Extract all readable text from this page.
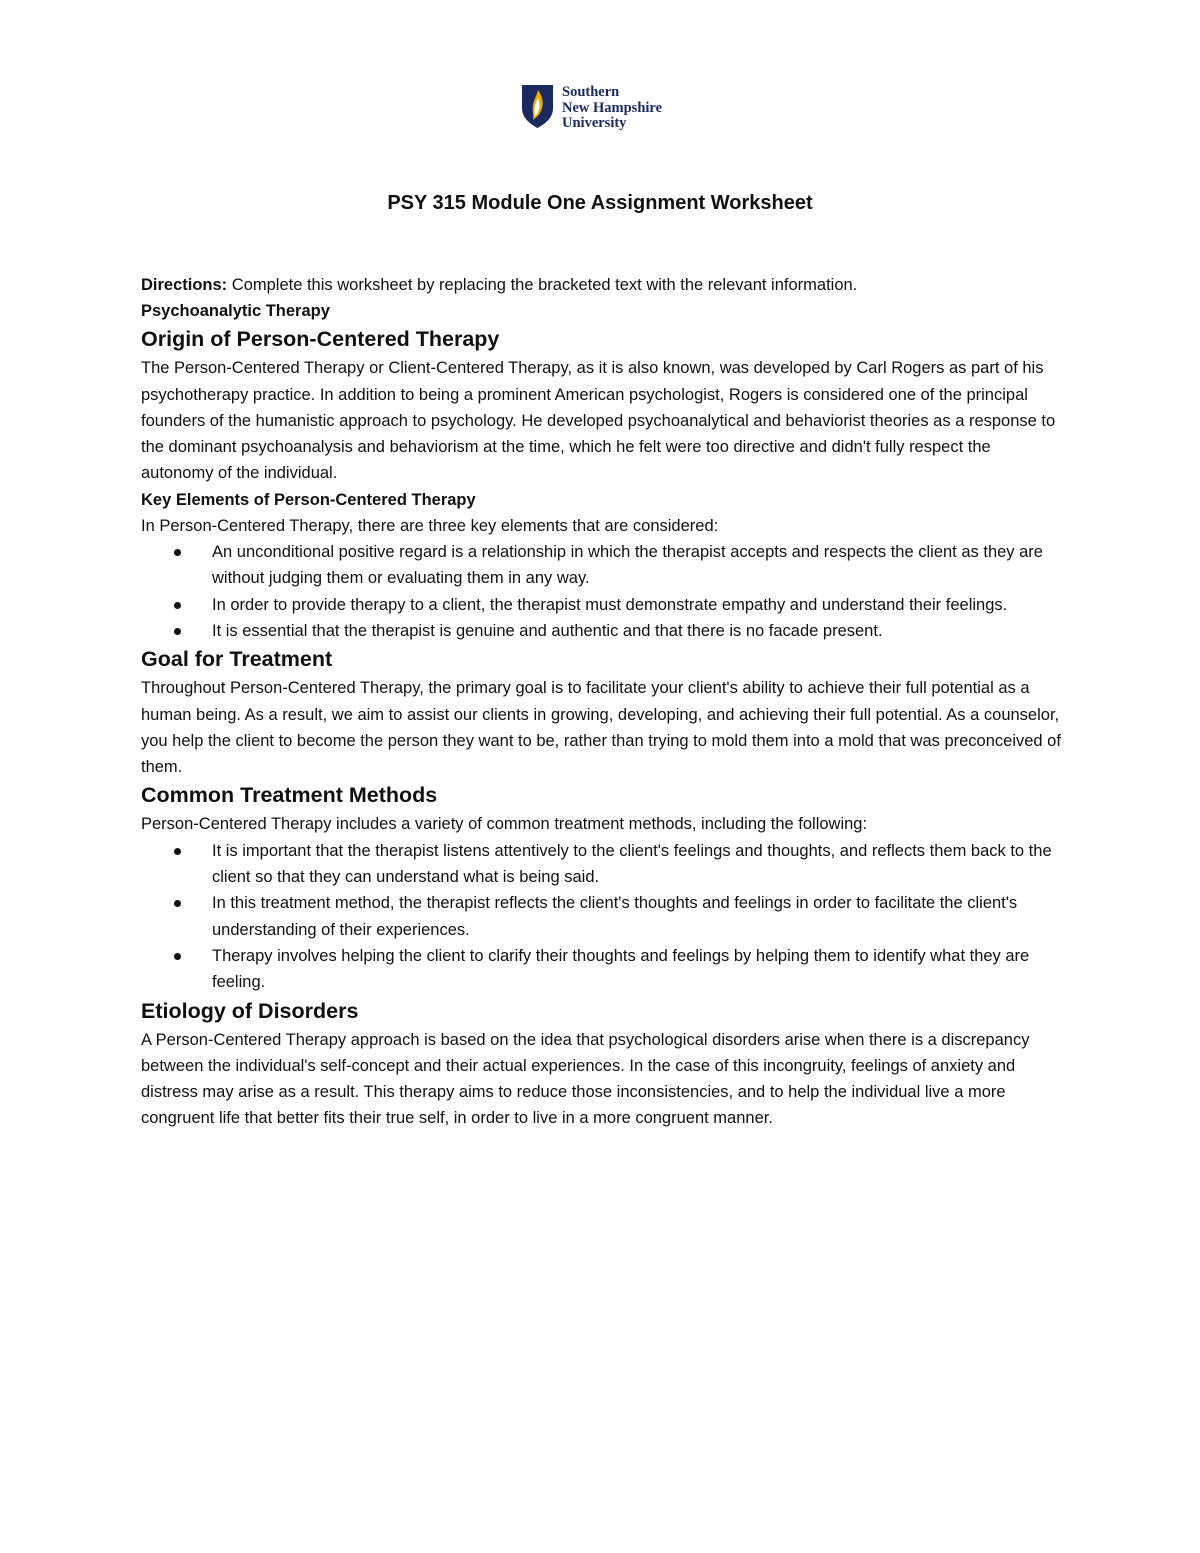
Southern
New Hampshire
University
PSY 315 Module One Assignment Worksheet

Directions: Complete this worksheet by replacing the bracketed text with the relevant information.

Psychoanalytic Therapy
Origin of Person-Centered Therapy

The Person-Centered Therapy or Client-Centered Therapy, as it is also known, was developed by Carl Rogers as part of his psychotherapy practice. In addition to being a prominent American psychologist, Rogers is considered one of the principal founders of the humanistic approach to psychology. He developed psychoanalytical and behaviorist theories as a response to the dominant psychoanalysis and behaviorism at the time, which he felt were too directive and didn't fully respect the autonomy of the individual.

Key Elements of Person-Centered Therapy

In Person-Centered Therapy, there are three key elements that are considered:

An unconditional positive regard is a relationship in which the therapist accepts and respects the client as they are without judging them or evaluating them in any way.
In order to provide therapy to a client, the therapist must demonstrate empathy and understand their feelings.
It is essential that the therapist is genuine and authentic and that there is no facade present.
Goal for Treatment

Throughout Person-Centered Therapy, the primary goal is to facilitate your client's ability to achieve their full potential as a human being. As a result, we aim to assist our clients in growing, developing, and achieving their full potential. As a counselor, you help the client to become the person they want to be, rather than trying to mold them into a mold that was preconceived of them.

Common Treatment Methods

Person-Centered Therapy includes a variety of common treatment methods, including the following:

It is important that the therapist listens attentively to the client's feelings and thoughts, and reflects them back to the client so that they can understand what is being said.
In this treatment method, the therapist reflects the client's thoughts and feelings in order to facilitate the client's understanding of their experiences.
Therapy involves helping the client to clarify their thoughts and feelings by helping them to identify what they are feeling.
Etiology of Disorders

A Person-Centered Therapy approach is based on the idea that psychological disorders arise when there is a discrepancy between the individual's self-concept and their actual experiences. In the case of this incongruity, feelings of anxiety and distress may arise as a result. This therapy aims to reduce those inconsistencies, and to help the individual live a more congruent life that better fits their true self, in order to live in a more congruent manner.
